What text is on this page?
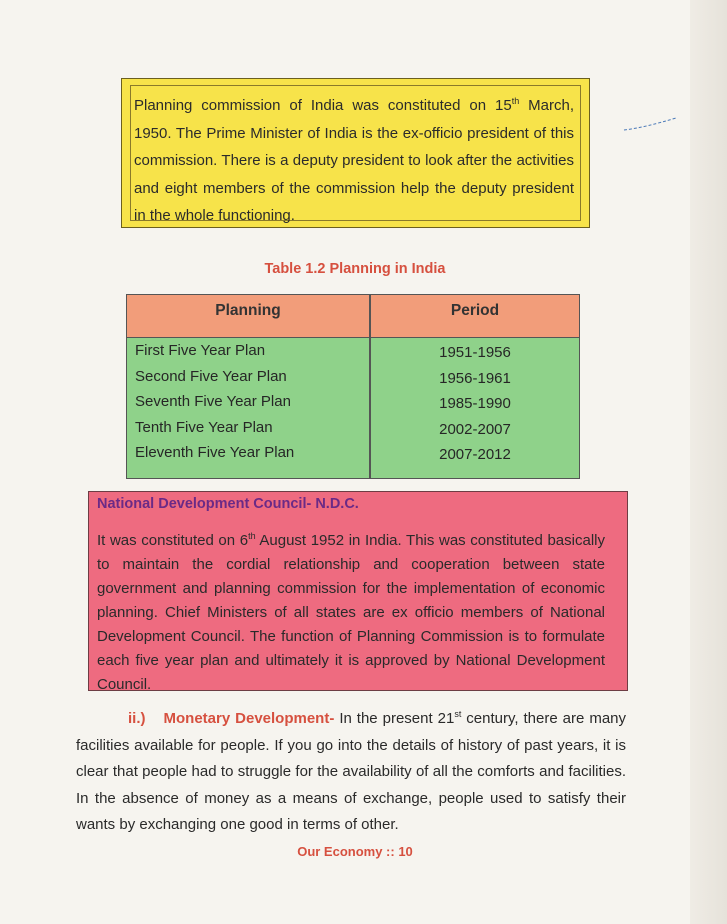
Planning commission of India was constituted on 15th March, 1950. The Prime Minister of India is the ex-officio president of this commission. There is a deputy president to look after the activities and eight members of the commission help the deputy president in the whole functioning.
Table 1.2 Planning in India
Planning	Period
First Five Year Plan	1951-1956
Second Five Year Plan	1956-1961
Seventh Five Year Plan	1985-1990
Tenth Five Year Plan	2002-2007
Eleventh Five Year Plan	2007-2012
National Development Council- N.D.C.
It was constituted on 6th August 1952 in India. This was constituted basically to maintain the cordial relationship and cooperation between state government and planning commission for the implementation of economic planning. Chief Ministers of all states are ex officio members of National Development Council. The function of Planning Commission is to formulate each five year plan and ultimately it is approved by National Development Council.
ii.) Monetary Development- In the present 21st century, there are many facilities available for people. If you go into the details of history of past years, it is clear that people had to struggle for the availability of all the comforts and facilities. In the absence of money as a means of exchange, people used to satisfy their wants by exchanging one good in terms of other.
Our Economy :: 10
